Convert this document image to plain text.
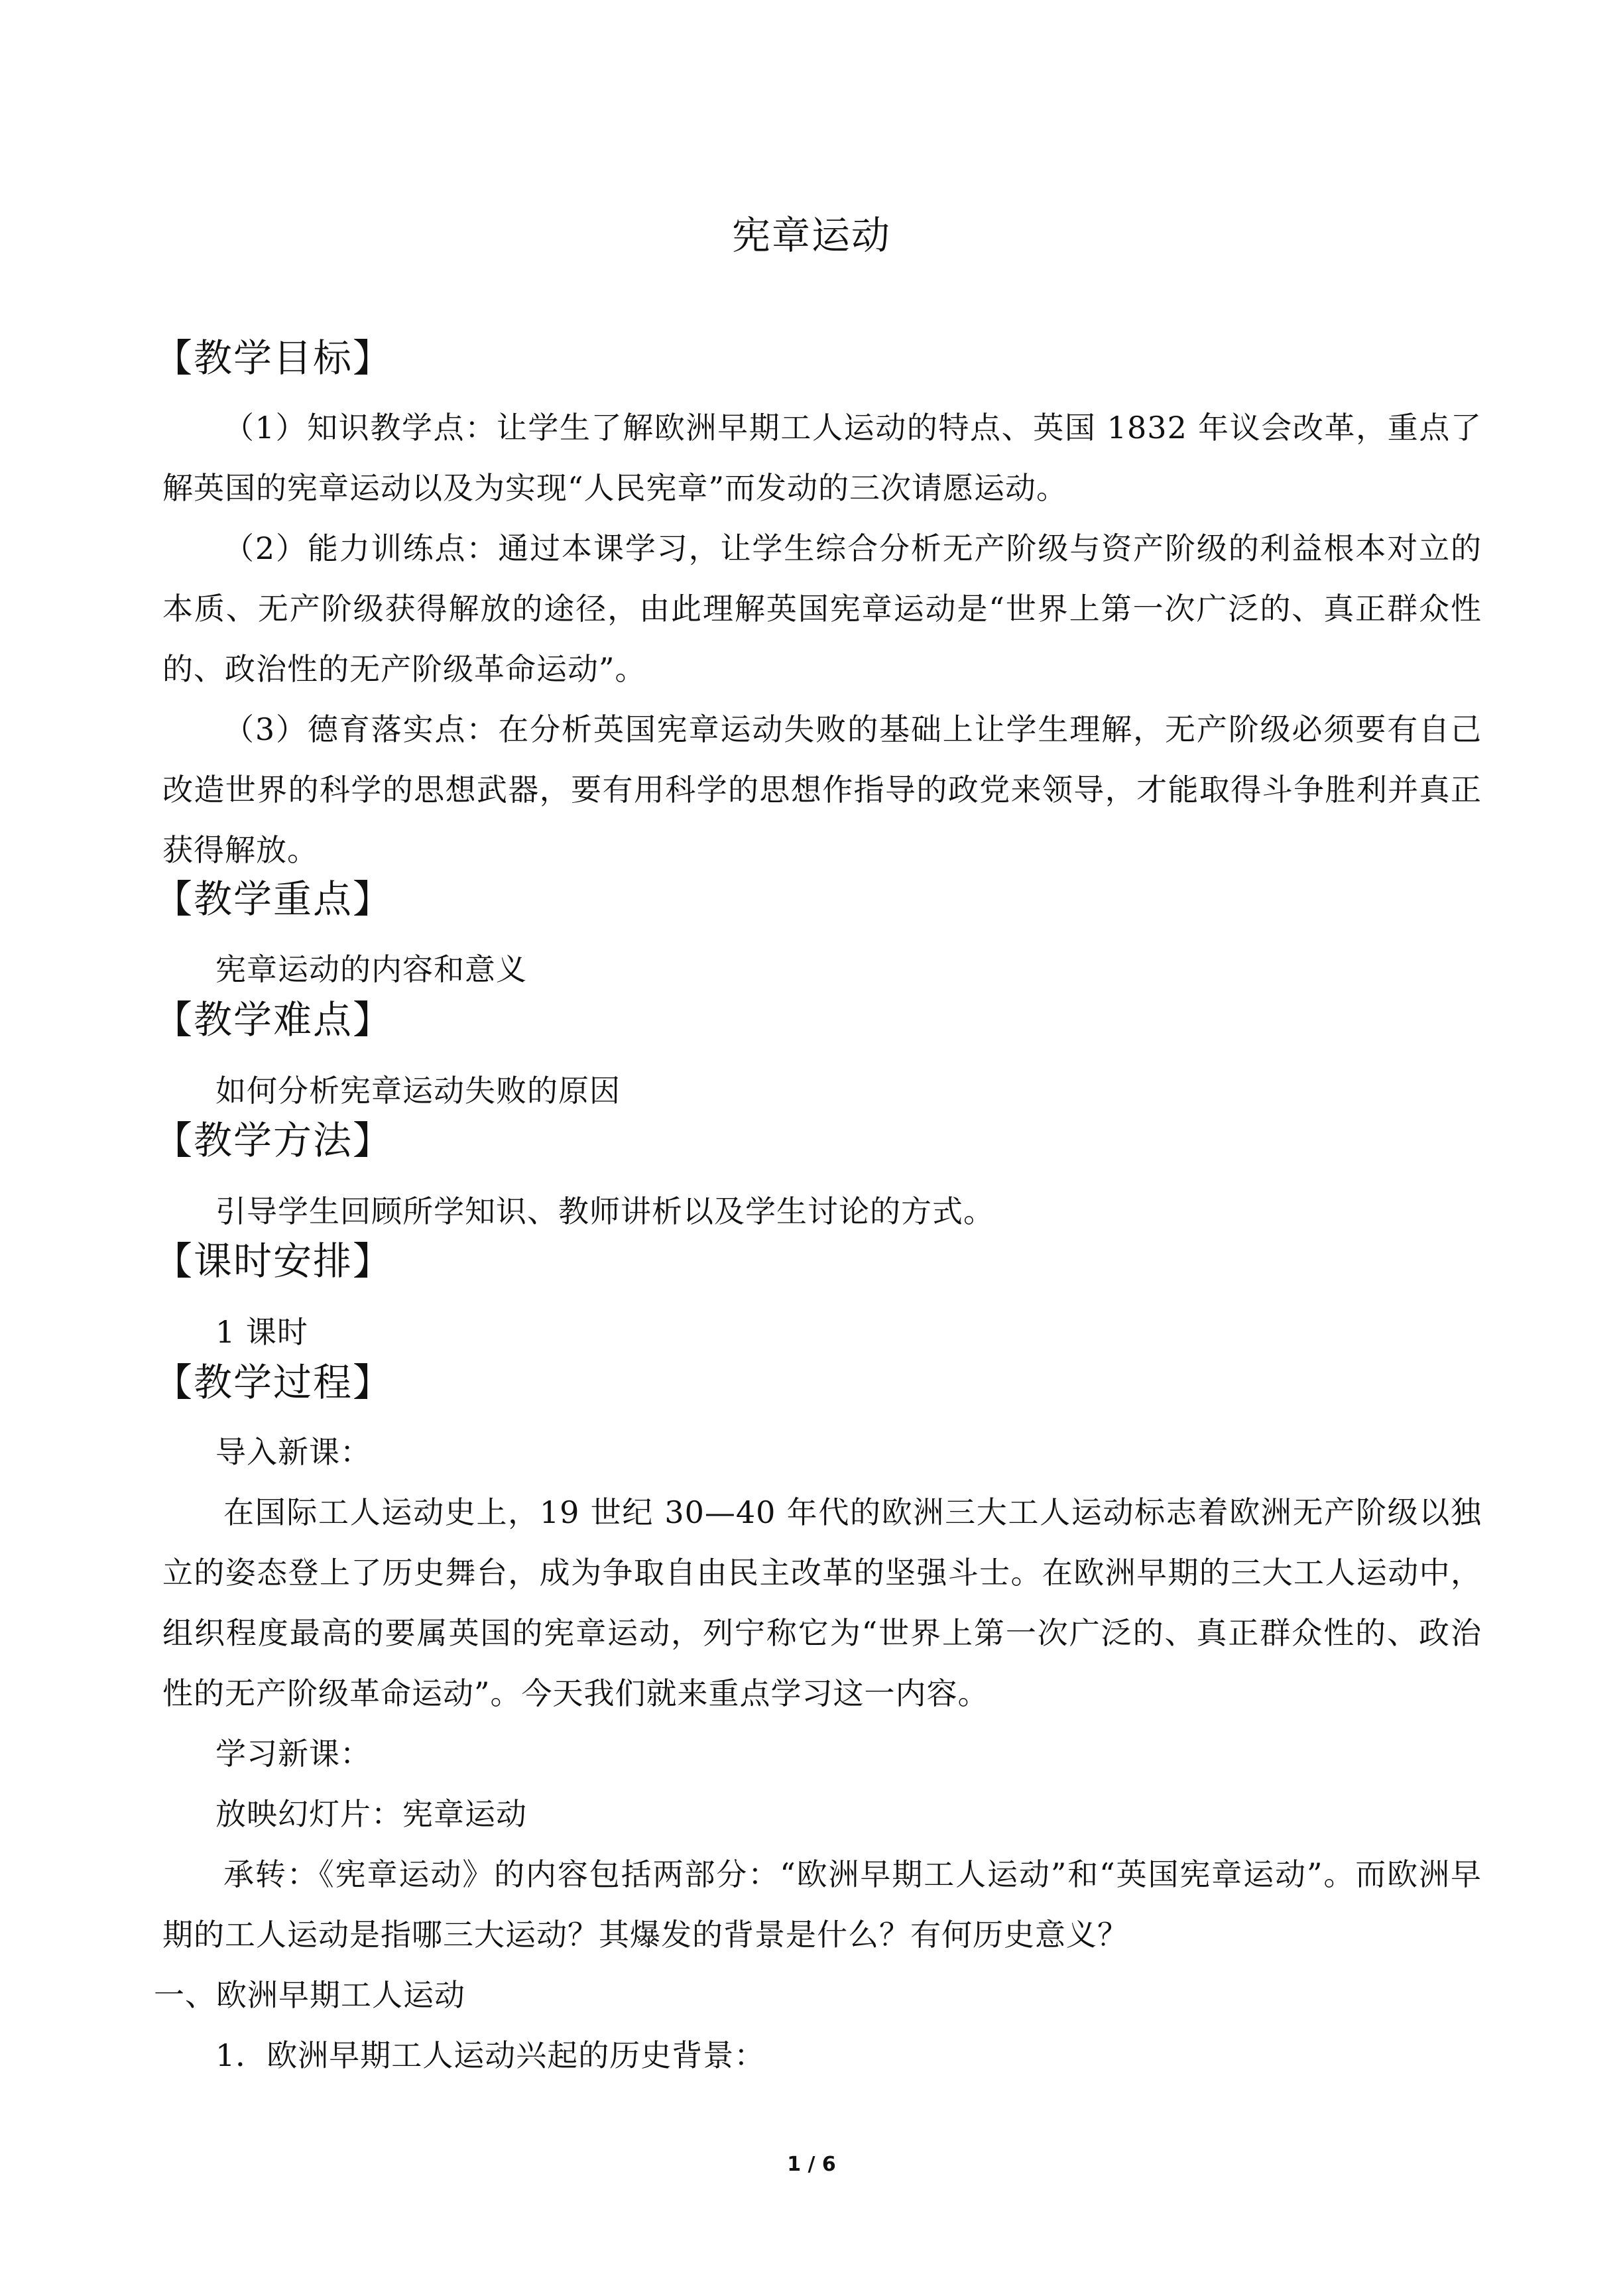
宪章运动
【教学目标】
（1）知识教学点：让学生了解欧洲早期工人运动的特点、英国 1832 年议会改革，重点了解英国的宪章运动以及为实现“人民宪章”而发动的三次请愿运动。
（2）能力训练点：通过本课学习，让学生综合分析无产阶级与资产阶级的利益根本对立的本质、无产阶级获得解放的途径，由此理解英国宪章运动是“世界上第一次广泛的、真正群众性的、政治性的无产阶级革命运动”。
（3）德育落实点：在分析英国宪章运动失败的基础上让学生理解，无产阶级必须要有自己改造世界的科学的思想武器，要有用科学的思想作指导的政党来领导，才能取得斗争胜利并真正获得解放。
【教学重点】
宪章运动的内容和意义
【教学难点】
如何分析宪章运动失败的原因
【教学方法】
引导学生回顾所学知识、教师讲析以及学生讨论的方式。
【课时安排】
1 课时
【教学过程】
导入新课：
在国际工人运动史上，19 世纪 30—40 年代的欧洲三大工人运动标志着欧洲无产阶级以独立的姿态登上了历史舞台，成为争取自由民主改革的坚强斗士。在欧洲早期的三大工人运动中，组织程度最高的要属英国的宪章运动，列宁称它为“世界上第一次广泛的、真正群众性的、政治性的无产阶级革命运动”。今天我们就来重点学习这一内容。
学习新课：
放映幻灯片：宪章运动
承转：《宪章运动》的内容包括两部分：“欧洲早期工人运动”和“英国宪章运动”。而欧洲早期的工人运动是指哪三大运动？其爆发的背景是什么？有何历史意义？
一、欧洲早期工人运动
1．欧洲早期工人运动兴起的历史背景：
1 / 6
